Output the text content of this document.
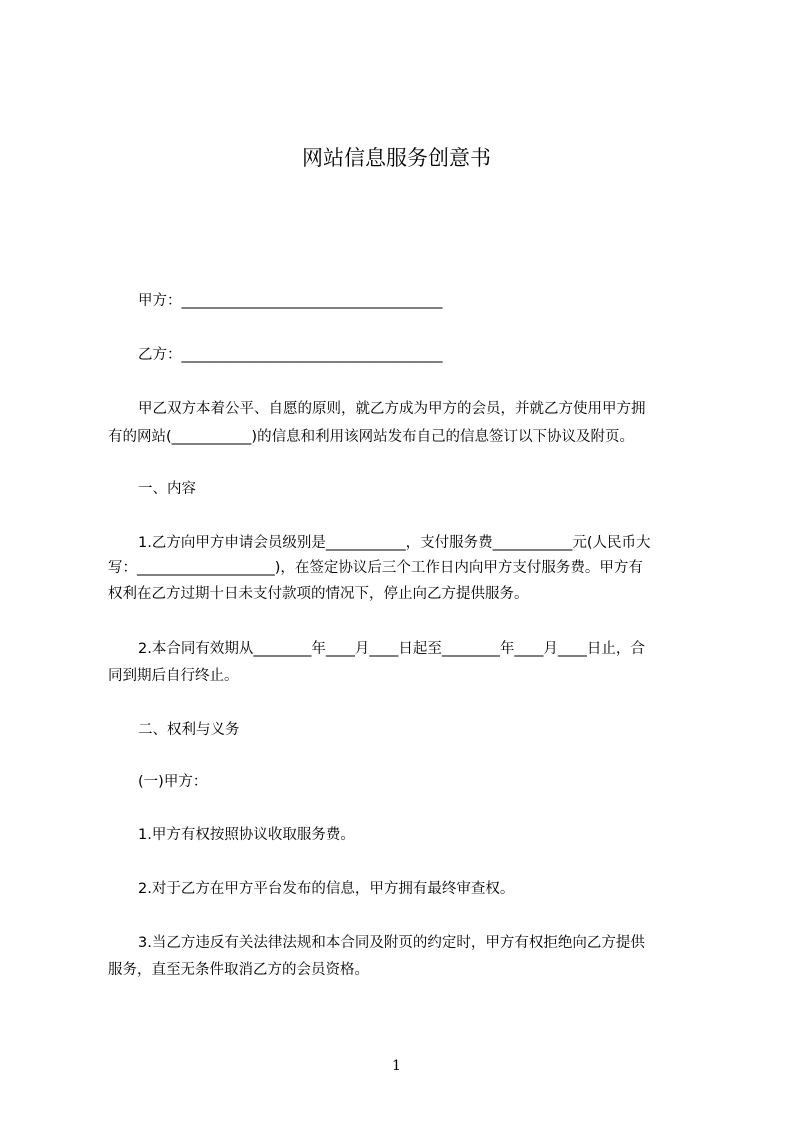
网站信息服务创意书

甲方：____________________________________

乙方：____________________________________

甲乙双方本着公平、自愿的原则，就乙方成为甲方的会员，并就乙方使用甲方拥

有的网站(___________)的信息和利用该网站发布自己的信息签订以下协议及附页。

一、内容

1.乙方向甲方申请会员级别是___________，支付服务费___________元(人民币大

写：___________________)，在签定协议后三个工作日内向甲方支付服务费。甲方有

权利在乙方过期十日未支付款项的情况下，停止向乙方提供服务。

2.本合同有效期从________年____月____日起至________年____月____日止，合

同到期后自行终止。

二、权利与义务

(一)甲方：

1.甲方有权按照协议收取服务费。

2.对于乙方在甲方平台发布的信息，甲方拥有最终审查权。

3.当乙方违反有关法律法规和本合同及附页的约定时，甲方有权拒绝向乙方提供

服务，直至无条件取消乙方的会员资格。

1
